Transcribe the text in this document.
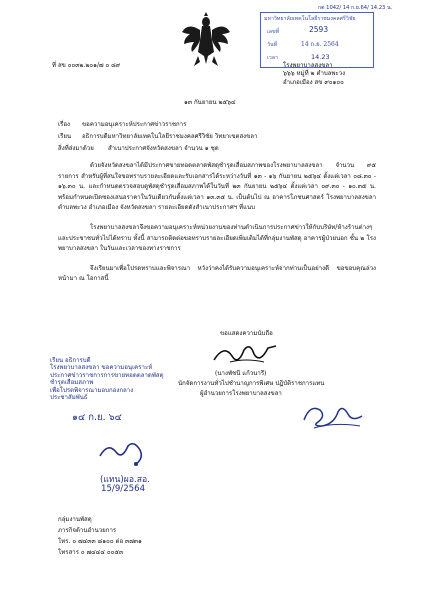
กต 1042/ 14 ก.ย.64/ 14.23 น.
มหาวิทยาลัยเทคโนโลยีราชมงคลศรีวิชัย
เลขที่	2593
วันที่	14 ก.ย. 2564
เวลา	14.23
ที่ สข ๐๐๓๒.๒๐๑/๗ ๐ ๘๙	โรงพยาบาลสงขลา
๖๖๖ หมู่ที่ ๒ ตำบลพะวง
อำเภอเมือง สข ๙๐๑๐๐
๑๓ กันยายน ๒๕๖๔
เรื่อง ขอความอนุเคราะห์ประกาศข่าวราชการ
เรียน อธิการบดีมหาวิทยาลัยเทคโนโลยีราชมงคลศรีวิชัย วิทยาเขตสงขลา
สิ่งที่ส่งมาด้วย สำเนาประกาศจังหวัดสงขลา จำนวน ๑ ชุด

ด้วยจังหวัดสงขลาได้มีประกาศขายทอดตลาดพัสดุชำรุดเสื่อมสภาพของโรงพยาบาลสงขลา จำนวน ๙๕ รายการ สำหรับผู้ที่สนใจขอทราบรายละเอียดและรับเอกสารได้ระหว่างวันที่ ๑๓ - ๑๖ กันยายน ๒๕๖๔ ตั้งแต่เวลา ๐๘.๓๐ - ๑๖.๓๐ น. และกำหนดตรวจสอบดูพัสดุชำรุดเสื่อมสภาพได้ในวันที่ ๒๓ กันยายน ๒๕๖๔ ตั้งแต่เวลา ๐๙.๓๐ - ๑๐.๓๕ น. พร้อมกำหนดเปิดซองเสนอราคาในวันเดียวกันตั้งแต่เวลา ๑๓.๓๕ น. เป็นต้นไป ณ อาคารโภชนศาสตร์ โรงพยาบาลสงขลา ตำบลพะวง อำเภอเมือง จังหวัดสงขลา รายละเอียดดังสำเนาประกาศฯ ที่แนบ

โรงพยาบาลสงขลาจึงขอความอนุเคราะห์หน่วยงานของท่านดำเนินการประกาศข่าวให้กับบริษัท/ห้างร้านต่างๆ และประชาชนทั่วไปได้ทราบ ทั้งนี้ สามารถติดต่อขอทราบรายละเอียดเพิ่มเติมได้ที่กลุ่มงานพัสดุ อาคารผู้ป่วยนอก ชั้น ๒ โรงพยาบาลสงขลา ในวันและเวลาของทางราชการ

จึงเรียนมาเพื่อโปรดทราบและพิจารณา หวังว่าคงได้รับความอนุเคราะห์จากท่านเป็นอย่างดี ขอขอบคุณล่วงหน้ามา ณ โอกาสนี้

ขอแสดงความนับถือ
(นางพัชนี แก้วนารี)
นักจัดการงานทั่วไปชำนาญการพิเศษ ปฏิบัติราชการแทน
ผู้อำนวยการโรงพยาบาลสงขลา
เรียน อธิการบดี
โรงพยาบาลสงขลา ขอความอนุเคราะห์
ประกาศข่าวราชการการขายทอดตลาดพัสดุ
ชำรุดเสื่อมสภาพ
เพื่อโปรดพิจารณามอบกองกลาง
ประชาสัมพันธ์
๑๔ ก.ย. ๖๔
(แทน)ผอ.สอ.
15/9/2564
กลุ่มงานพัสดุ
ภารกิจด้านอำนวยการ
โทร. ๐ ๗๔๓๓ ๘๑๐๐ ต่อ ๓๗๓๑
โทรสาร ๐ ๗๔๔๔ ๐๐๕๓
